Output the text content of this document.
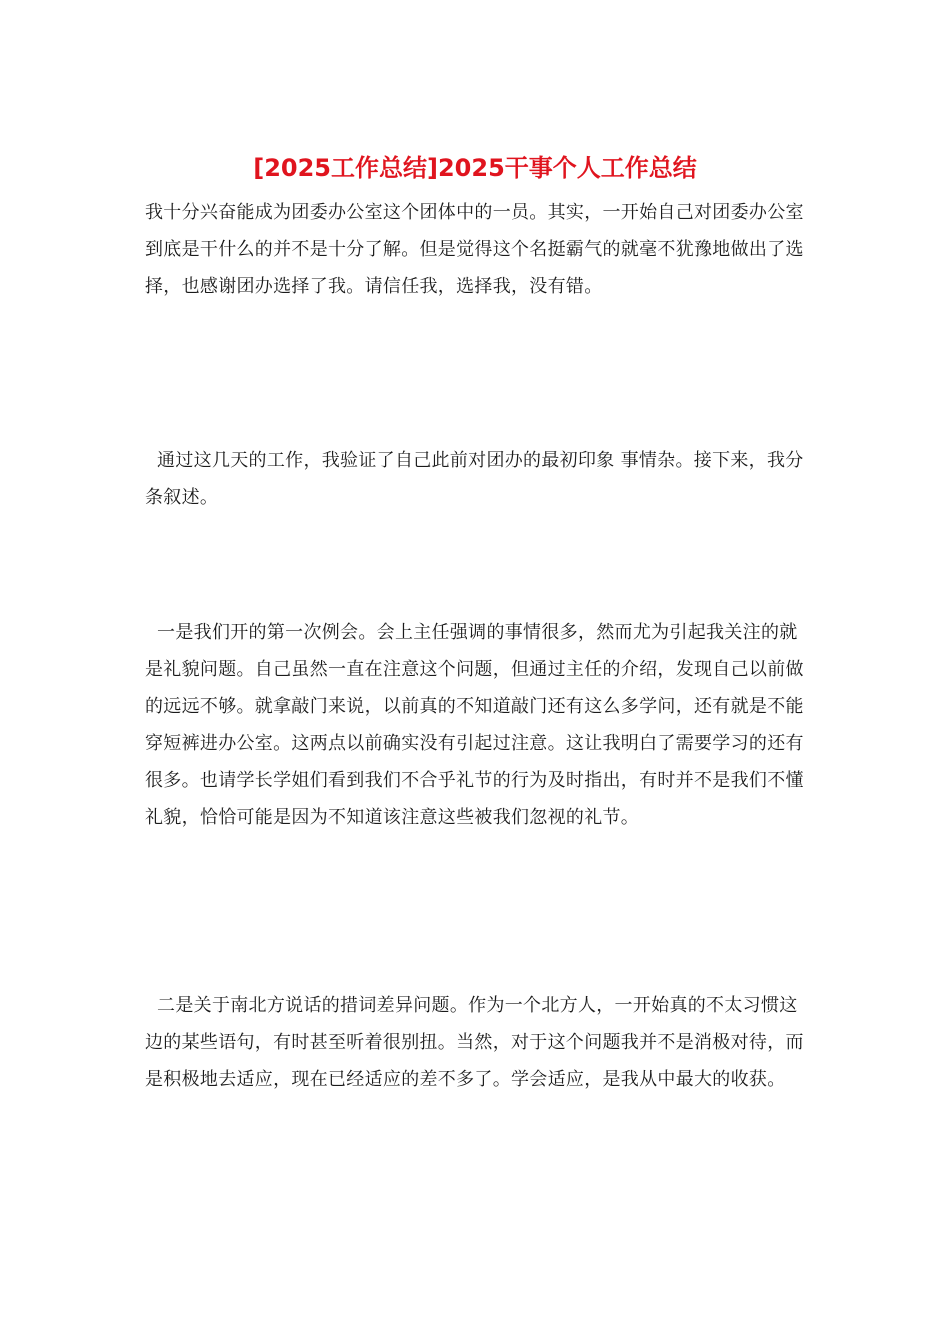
[2025工作总结]2025干事个人工作总结

我十分兴奋能成为团委办公室这个团体中的一员。其实，一开始自己对团委办公室到底是干什么的并不是十分了解。但是觉得这个名挺霸气的就毫不犹豫地做出了选择，也感谢团办选择了我。请信任我，选择我，没有错。

通过这几天的工作，我验证了自己此前对团办的最初印象 事情杂。接下来，我分条叙述。

一是我们开的第一次例会。会上主任强调的事情很多，然而尤为引起我关注的就是礼貌问题。自己虽然一直在注意这个问题，但通过主任的介绍，发现自己以前做的远远不够。就拿敲门来说，以前真的不知道敲门还有这么多学问，还有就是不能穿短裤进办公室。这两点以前确实没有引起过注意。这让我明白了需要学习的还有很多。也请学长学姐们看到我们不合乎礼节的行为及时指出，有时并不是我们不懂礼貌，恰恰可能是因为不知道该注意这些被我们忽视的礼节。

二是关于南北方说话的措词差异问题。作为一个北方人，一开始真的不太习惯这边的某些语句，有时甚至听着很别扭。当然，对于这个问题我并不是消极对待，而是积极地去适应，现在已经适应的差不多了。学会适应，是我从中最大的收获。
